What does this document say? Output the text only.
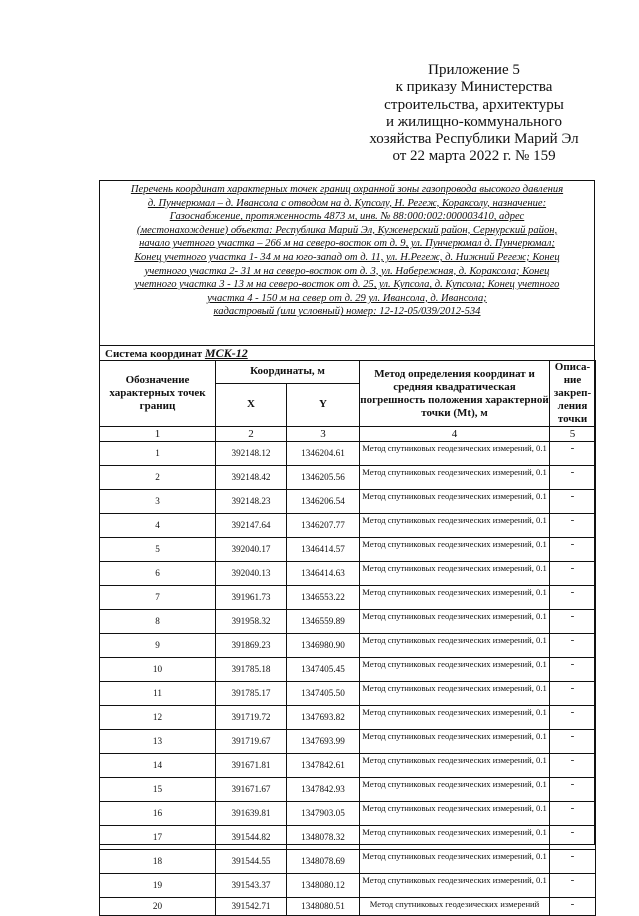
Приложение 5
к приказу Министерства
строительства, архитектуры
и жилищно-коммунального
хозяйства Республики Марий Эл
от 22 марта 2022 г. № 159
Перечень координат характерных точек границ охранной зоны газопровода высокого давления
д. Пунчерюмал – д. Ивансола с отводом на д. Купсолу, Н. Регеж, Кораксолу, назначение:
Газоснабжение, протяженность 4873 м, инв. № 88:000:002:000003410, адрес
(местонахождение) объекта: Республика Марий Эл, Куженерский район, Сернурский район,
начало учетного участка – 266 м на северо-восток от д. 9, ул. Пунчерюмал д. Пунчерюмал;
Конец учетного участка 1- 34 м на юго-запад от д. 11, ул. Н.Регеж, д. Нижний Регеж; Конец
учетного участка 2- 31 м на северо-восток от д. 3, ул. Набережная, д. Кораксола; Конец
учетного участка 3 - 13 м на северо-восток от д. 25, ул. Купсола, д. Купсола; Конец учетного
участка 4 - 150 м на север от д. 29 ул. Ивансола, д. Ивансола;
кадастровый (или условный) номер: 12-12-05/039/2012-534
Система координат МСК-12
Обозначение характерных точек границ	Координаты, м		Метод определения координат и средняя квадратическая погрешность положения характерной точки (Mt), м	Описа-ние закреп-ления точки
	X	Y		
1	2	3	4	5
1	392148.12	1346204.61	Метод спутниковых геодезических измерений, 0.1	-
2	392148.42	1346205.56	Метод спутниковых геодезических измерений, 0.1	-
3	392148.23	1346206.54	Метод спутниковых геодезических измерений, 0.1	-
4	392147.64	1346207.77	Метод спутниковых геодезических измерений, 0.1	-
5	392040.17	1346414.57	Метод спутниковых геодезических измерений, 0.1	-
6	392040.13	1346414.63	Метод спутниковых геодезических измерений, 0.1	-
7	391961.73	1346553.22	Метод спутниковых геодезических измерений, 0.1	-
8	391958.32	1346559.89	Метод спутниковых геодезических измерений, 0.1	-
9	391869.23	1346980.90	Метод спутниковых геодезических измерений, 0.1	-
10	391785.18	1347405.45	Метод спутниковых геодезических измерений, 0.1	-
11	391785.17	1347405.50	Метод спутниковых геодезических измерений, 0.1	-
12	391719.72	1347693.82	Метод спутниковых геодезических измерений, 0.1	-
13	391719.67	1347693.99	Метод спутниковых геодезических измерений, 0.1	-
14	391671.81	1347842.61	Метод спутниковых геодезических измерений, 0.1	-
15	391671.67	1347842.93	Метод спутниковых геодезических измерений, 0.1	-
16	391639.81	1347903.05	Метод спутниковых геодезических измерений, 0.1	-
17	391544.82	1348078.32	Метод спутниковых геодезических измерений, 0.1	-
18	391544.55	1348078.69	Метод спутниковых геодезических измерений, 0.1	-
19	391543.37	1348080.12	Метод спутниковых геодезических измерений, 0.1	-
20	391542.71	1348080.51	Метод спутниковых геодезических измерений	-
